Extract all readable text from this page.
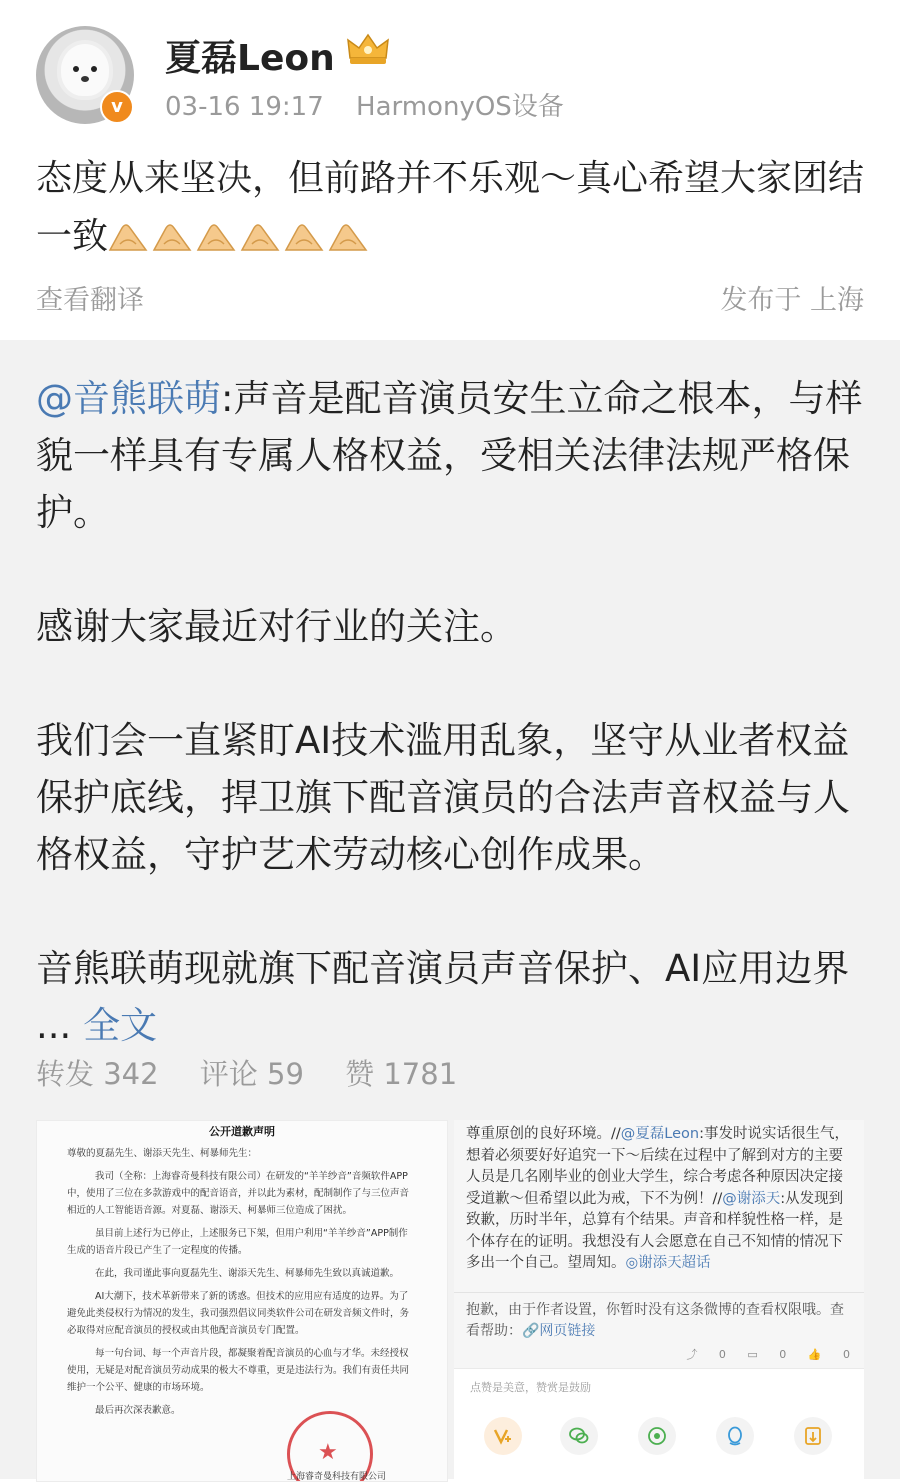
v
夏磊Leon
03-16 19:17 HarmonyOS设备
态度从来坚决，但前路并不乐观～真心希望大家团结一致
查看翻译	发布于 上海

@音熊联萌:声音是配音演员安生立命之根本，与样貌一样具有专属人格权益，受相关法律法规严格保护。

感谢大家最近对行业的关注。

我们会一直紧盯AI技术滥用乱象，坚守从业者权益保护底线，捍卫旗下配音演员的合法声音权益与人格权益，守护艺术劳动核心创作成果。

音熊联萌现就旗下配音演员声音保护、AI应用边界 ... 全文

转发 342 评论 59 赞 1781
公开道歉声明
尊敬的夏磊先生、谢添天先生、柯暴师先生：
我司（全称：上海睿奇曼科技有限公司）在研发的“羊羊纱音”音频软件APP中，使用了三位在多款游戏中的配音语音，并以此为素材，配制制作了与三位声音相近的人工智能语音源。对夏磊、谢添天、柯暴师三位造成了困扰。
虽目前上述行为已停止，上述服务已下架，但用户利用“羊羊纱音”APP制作生成的语音片段已产生了一定程度的传播。
在此，我司谨此事向夏磊先生、谢添天先生、柯暴师先生致以真诚道歉。
AI大潮下，技术革新带来了新的诱惑。但技术的应用应有适度的边界。为了避免此类侵权行为情况的发生，我司强烈倡议同类软件公司在研发音频文件时，务必取得对应配音演员的授权或由其他配音演员专门配置。
每一句台词、每一个声音片段，都凝聚着配音演员的心血与才华。未经授权使用，无疑是对配音演员劳动成果的极大不尊重，更是违法行为。我们有责任共同维护一个公平、健康的市场环境。
最后再次深表歉意。
★
上海睿奇曼科技有限公司
尊重原创的良好环境。//@夏磊Leon:事发时说实话很生气，想着必须要好好追究一下～后续在过程中了解到对方的主要人员是几名刚毕业的创业大学生，综合考虑各种原因决定接受道歉～但希望以此为戒，下不为例！//@谢添天:从发现到致歉，历时半年，总算有个结果。声音和样貌性格一样，是个体存在的证明。我想没有人会愿意在自己不知情的情况下多出一个自己。望周知。◎谢添天超话
抱歉，由于作者设置，你暂时没有这条微博的查看权限哦。查看帮助：🔗网页链接
⤴ 0 ▭ 0 👍 0
点赞是美意，赞赏是鼓励
